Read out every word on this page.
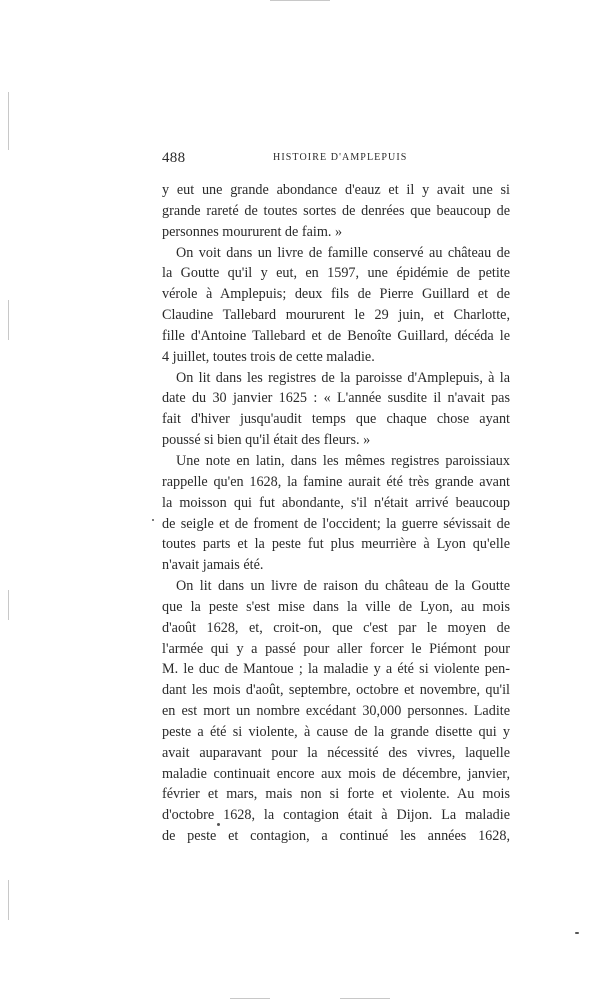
488	HISTOIRE D'AMPLEPUIS
y eut une grande abondance d'eauz et il y avait une si
grande rareté de toutes sortes de denrées que beaucoup de
personnes moururent de faim. »
On voit dans un livre de famille conservé au château de
la Goutte qu'il y eut, en 1597, une épidémie de petite
vérole à Amplepuis; deux fils de Pierre Guillard et de
Claudine Tallebard moururent le 29 juin, et Charlotte,
fille d'Antoine Tallebard et de Benoîte Guillard, décéda le
4 juillet, toutes trois de cette maladie.
On lit dans les registres de la paroisse d'Amplepuis, à la
date du 30 janvier 1625 : « L'année susdite il n'avait pas
fait d'hiver jusqu'audit temps que chaque chose ayant
poussé si bien qu'il était des fleurs. »
Une note en latin, dans les mêmes registres paroissiaux
rappelle qu'en 1628, la famine aurait été très grande avant
la moisson qui fut abondante, s'il n'était arrivé beaucoup
de seigle et de froment de l'occident; la guerre sévissait de
toutes parts et la peste fut plus meurrière à Lyon qu'elle
n'avait jamais été.
On lit dans un livre de raison du château de la Goutte
que la peste s'est mise dans la ville de Lyon, au mois
d'août 1628, et, croit-on, que c'est par le moyen de
l'armée qui y a passé pour aller forcer le Piémont pour
M. le duc de Mantoue ; la maladie y a été si violente pen-
dant les mois d'août, septembre, octobre et novembre, qu'il
en est mort un nombre excédant 30,000 personnes. Ladite
peste a été si violente, à cause de la grande disette qui y
avait auparavant pour la nécessité des vivres, laquelle
maladie continuait encore aux mois de décembre, janvier,
février et mars, mais non si forte et violente. Au mois
d'octobre 1628, la contagion était à Dijon. La maladie
de peste et contagion, a continué les années 1628,
